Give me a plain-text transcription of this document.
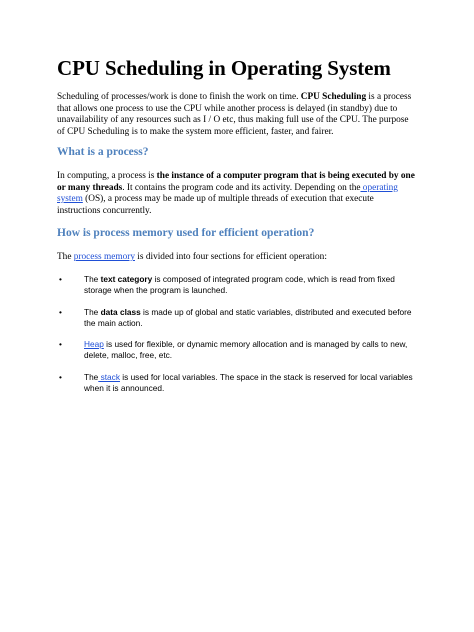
CPU Scheduling in Operating System

Scheduling of processes/work is done to finish the work on time. CPU Scheduling is a process that allows one process to use the CPU while another process is delayed (in standby) due to unavailability of any resources such as I / O etc, thus making full use of the CPU. The purpose of CPU Scheduling is to make the system more efficient, faster, and fairer.

What is a process?

In computing, a process is the instance of a computer program that is being executed by one or many threads. It contains the program code and its activity. Depending on the operating system (OS), a process may be made up of multiple threads of execution that execute instructions concurrently.

How is process memory used for efficient operation?

The process memory is divided into four sections for efficient operation:

•	The text category is composed of integrated program code, which is read from fixed storage when the program is launched.
•	The data class is made up of global and static variables, distributed and executed before the main action.
•	Heap is used for flexible, or dynamic memory allocation and is managed by calls to new, delete, malloc, free, etc.
•	The stack is used for local variables. The space in the stack is reserved for local variables when it is announced.
